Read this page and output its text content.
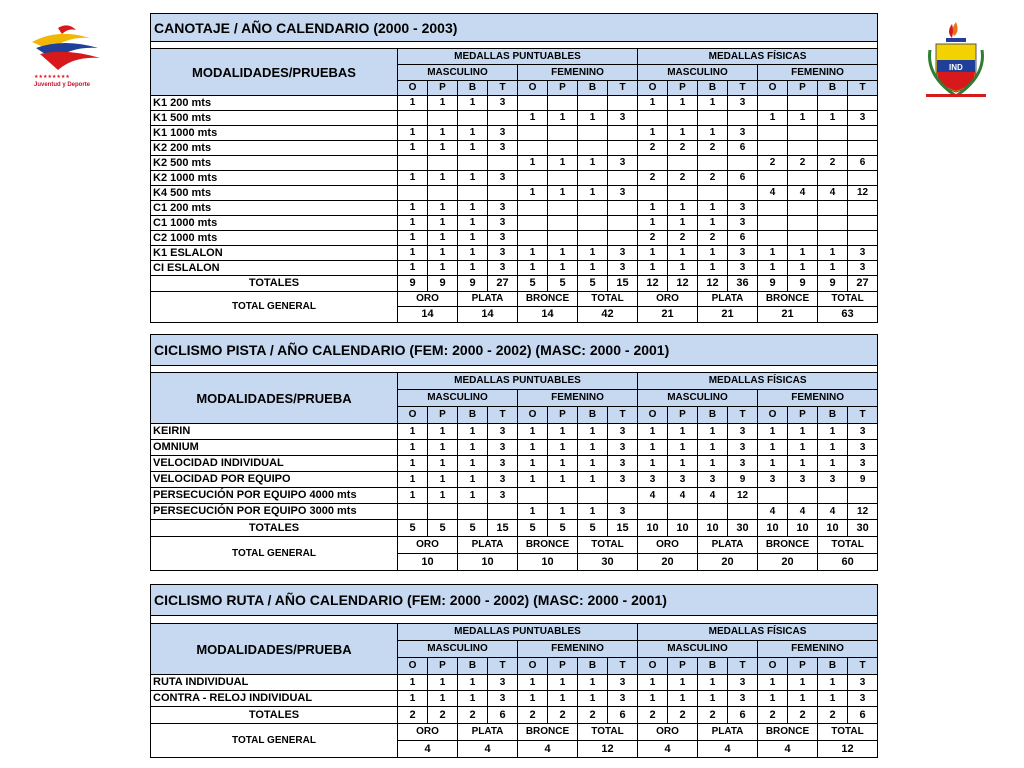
★★★★★★★★
Juventud y Deporte
IND
CANOTAJE / AÑO CALENDARIO (2000 - 2003)																

MODALIDADES/PRUEBAS	MEDALLAS PUNTUABLES								MEDALLAS FÍSICAS							
	MASCULINO				FEMENINO				MASCULINO				FEMENINO			
	O	P	B	T	O	P	B	T	O	P	B	T	O	P	B	T
K1 200 mts	1	1	1	3					1	1	1	3				
K1 500 mts					1	1	1	3					1	1	1	3
K1 1000 mts	1	1	1	3					1	1	1	3				
K2 200 mts	1	1	1	3					2	2	2	6				
K2 500 mts					1	1	1	3					2	2	2	6
K2 1000 mts	1	1	1	3					2	2	2	6				
K4 500 mts					1	1	1	3					4	4	4	12
C1 200 mts	1	1	1	3					1	1	1	3				
C1 1000 mts	1	1	1	3					1	1	1	3				
C2 1000 mts	1	1	1	3					2	2	2	6				
K1 ESLALON	1	1	1	3	1	1	1	3	1	1	1	3	1	1	1	3
CI ESLALON	1	1	1	3	1	1	1	3	1	1	1	3	1	1	1	3
TOTALES	9	9	9	27	5	5	5	15	12	12	12	36	9	9	9	27
TOTAL GENERAL	ORO		PLATA		BRONCE		TOTAL		ORO		PLATA		BRONCE		TOTAL	
	14		14		14		42		21		21		21		63	
CICLISMO PISTA / AÑO CALENDARIO (FEM: 2000 - 2002) (MASC: 2000 - 2001)																

MODALIDADES/PRUEBA	MEDALLAS PUNTUABLES								MEDALLAS FÍSICAS							
	MASCULINO				FEMENINO				MASCULINO				FEMENINO			
	O	P	B	T	O	P	B	T	O	P	B	T	O	P	B	T
KEIRIN	1	1	1	3	1	1	1	3	1	1	1	3	1	1	1	3
OMNIUM	1	1	1	3	1	1	1	3	1	1	1	3	1	1	1	3
VELOCIDAD INDIVIDUAL	1	1	1	3	1	1	1	3	1	1	1	3	1	1	1	3
VELOCIDAD POR EQUIPO	1	1	1	3	1	1	1	3	3	3	3	9	3	3	3	9
PERSECUCIÓN POR EQUIPO 4000 mts	1	1	1	3					4	4	4	12				
PERSECUCIÓN POR EQUIPO 3000 mts					1	1	1	3					4	4	4	12
TOTALES	5	5	5	15	5	5	5	15	10	10	10	30	10	10	10	30
TOTAL GENERAL	ORO		PLATA		BRONCE		TOTAL		ORO		PLATA		BRONCE		TOTAL	
	10		10		10		30		20		20		20		60	
CICLISMO RUTA / AÑO CALENDARIO (FEM: 2000 - 2002) (MASC: 2000 - 2001)																

MODALIDADES/PRUEBA	MEDALLAS PUNTUABLES								MEDALLAS FÍSICAS							
	MASCULINO				FEMENINO				MASCULINO				FEMENINO			
	O	P	B	T	O	P	B	T	O	P	B	T	O	P	B	T
RUTA INDIVIDUAL	1	1	1	3	1	1	1	3	1	1	1	3	1	1	1	3
CONTRA - RELOJ INDIVIDUAL	1	1	1	3	1	1	1	3	1	1	1	3	1	1	1	3
TOTALES	2	2	2	6	2	2	2	6	2	2	2	6	2	2	2	6
TOTAL GENERAL	ORO		PLATA		BRONCE		TOTAL		ORO		PLATA		BRONCE		TOTAL	
	4		4		4		12		4		4		4		12	
